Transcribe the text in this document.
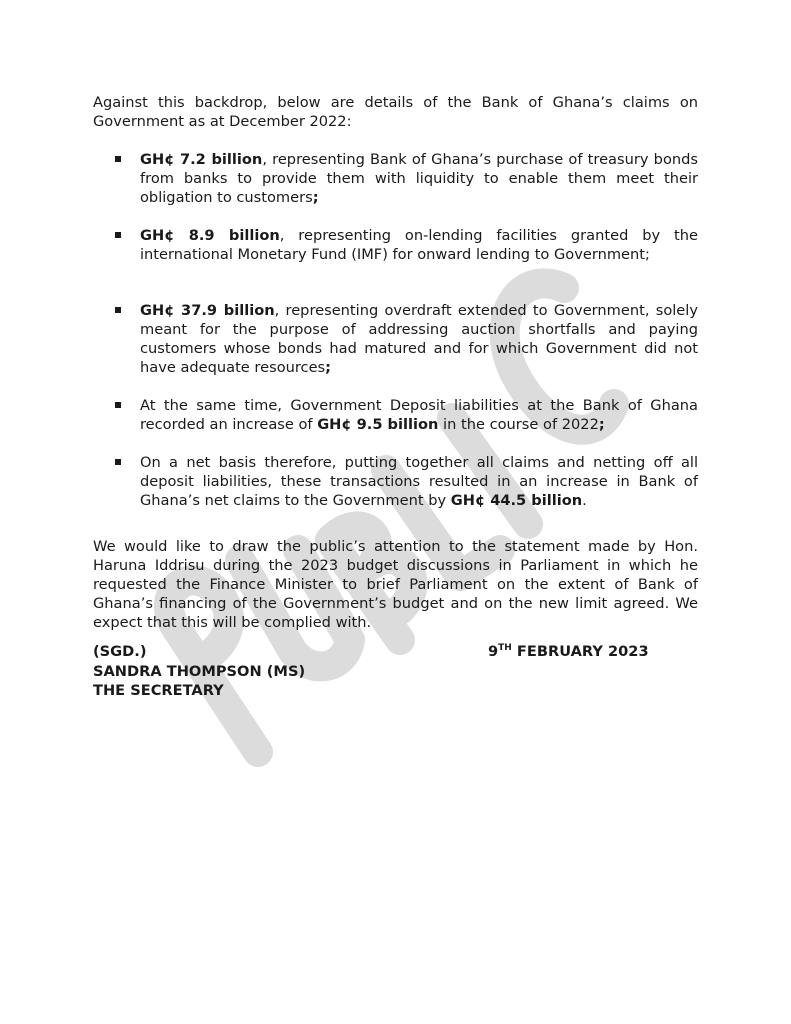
Against this backdrop, below are details of the Bank of Ghana’s claims on Government as at December 2022:

GH¢ 7.2 billion, representing Bank of Ghana’s purchase of treasury bonds from banks to provide them with liquidity to enable them meet their obligation to customers;
GH¢ 8.9 billion, representing on-lending facilities granted by the international Monetary Fund (IMF) for onward lending to Government;
GH¢ 37.9 billion, representing overdraft extended to Government, solely meant for the purpose of addressing auction shortfalls and paying customers whose bonds had matured and for which Government did not have adequate resources;
At the same time, Government Deposit liabilities at the Bank of Ghana recorded an increase of GH¢ 9.5 billion in the course of 2022;
On a net basis therefore, putting together all claims and netting off all deposit liabilities, these transactions resulted in an increase in Bank of Ghana’s net claims to the Government by GH¢ 44.5 billion.

We would like to draw the public’s attention to the statement made by Hon. Haruna Iddrisu during the 2023 budget discussions in Parliament in which he requested the Finance Minister to brief Parliament on the extent of Bank of Ghana’s financing of the Government’s budget and on the new limit agreed. We expect that this will be complied with.

(SGD.)
SANDRA THOMPSON (MS)
THE SECRETARY
9TH FEBRUARY 2023
